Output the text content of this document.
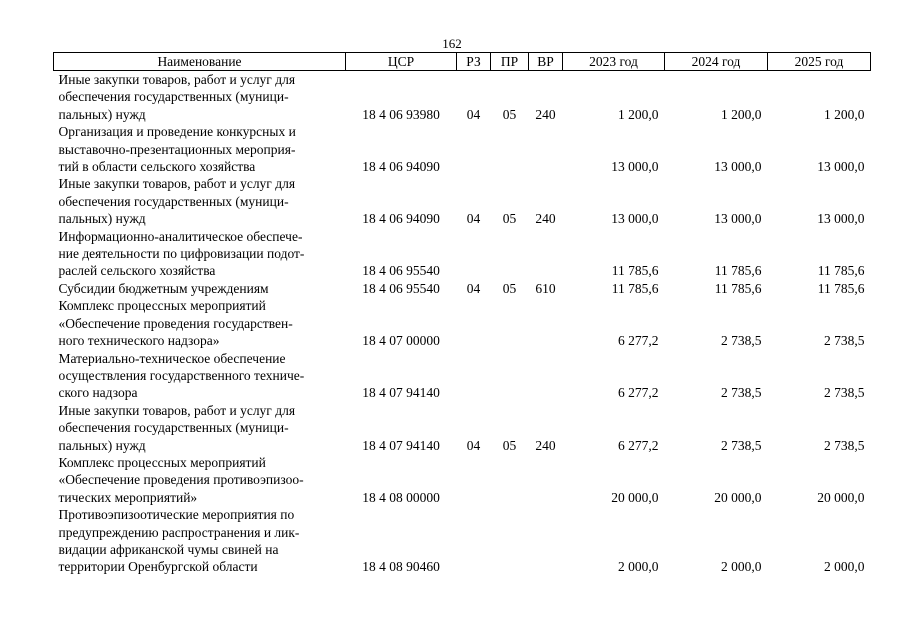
162
Наименование	ЦСР	РЗ	ПР	ВР	2023 год	2024 год	2025 год

Иные закупки товаров, работ и услуг для
обеспечения государственных (муници-
пальных) нужд	18 4 06 93980	04	05	240	1 200,0	1 200,0	1 200,0

Организация и проведение конкурсных и
выставочно-презентационных мероприя-
тий в области сельского хозяйства	18 4 06 94090				13 000,0	13 000,0	13 000,0

Иные закупки товаров, работ и услуг для
обеспечения государственных (муници-
пальных) нужд	18 4 06 94090	04	05	240	13 000,0	13 000,0	13 000,0

Информационно-аналитическое обеспече-
ние деятельности по цифровизации подот-
раслей сельского хозяйства	18 4 06 95540				11 785,6	11 785,6	11 785,6

Субсидии бюджетным учреждениям	18 4 06 95540	04	05	610	11 785,6	11 785,6	11 785,6

Комплекс процессных мероприятий
«Обеспечение проведения государствен-
ного технического надзора»	18 4 07 00000				6 277,2	2 738,5	2 738,5

Материально-техническое обеспечение
осуществления государственного техниче-
ского надзора	18 4 07 94140				6 277,2	2 738,5	2 738,5

Иные закупки товаров, работ и услуг для
обеспечения государственных (муници-
пальных) нужд	18 4 07 94140	04	05	240	6 277,2	2 738,5	2 738,5

Комплекс процессных мероприятий
«Обеспечение проведения противоэпизоо-
тических мероприятий»	18 4 08 00000				20 000,0	20 000,0	20 000,0

Противоэпизоотические мероприятия по
предупреждению распространения и лик-
видации африканской чумы свиней на
территории Оренбургской области	18 4 08 90460				2 000,0	2 000,0	2 000,0
